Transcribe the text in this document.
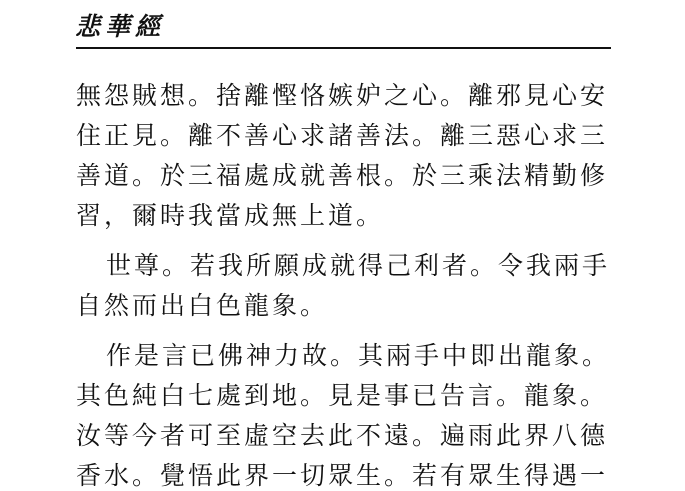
悲華經
無怨賊想。捨離慳恪嫉妒之心。離邪見心安
住正見。離不善心求諸善法。離三惡心求三
善道。於三福處成就善根。於三乘法精勤修
習，爾時我當成無上道。
世尊。若我所願成就得己利者。令我兩手
自然而出白色龍象。
作是言已佛神力故。其兩手中即出龍象。
其色純白七處到地。見是事已告言。龍象。
汝等今者可至虛空去此不遠。遍雨此界八德
香水。覺悟此界一切眾生。若有眾生得遇一
